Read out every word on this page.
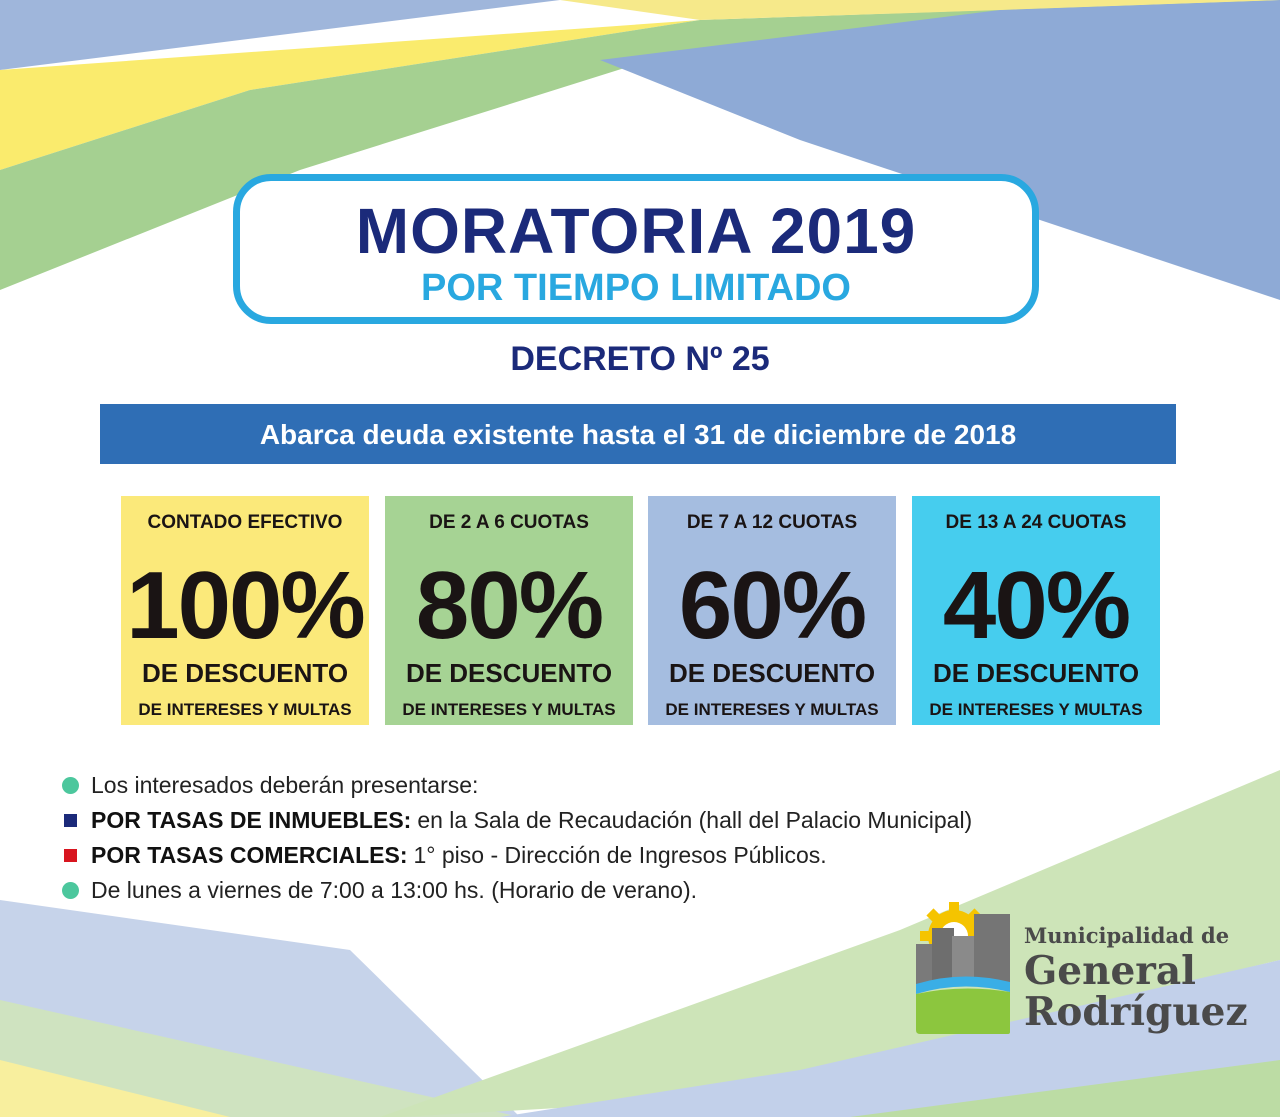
MORATORIA 2019
POR TIEMPO LIMITADO
DECRETO Nº 25
Abarca deuda existente hasta el 31 de diciembre de 2018
CONTADO EFECTIVO
100%
DE DESCUENTO
DE INTERESES Y MULTAS
DE 2 A 6 CUOTAS
80%
DE DESCUENTO
DE INTERESES Y MULTAS
DE 7 A 12 CUOTAS
60%
DE DESCUENTO
DE INTERESES Y MULTAS
DE 13 A 24 CUOTAS
40%
DE DESCUENTO
DE INTERESES Y MULTAS
Los interesados deberán presentarse:
POR TASAS DE INMUEBLES: en la Sala de Recaudación (hall del Palacio Municipal)
POR TASAS COMERCIALES: 1° piso - Dirección de Ingresos Públicos.
De lunes a viernes de 7:00 a 13:00 hs. (Horario de verano).
Municipalidad de
General
Rodríguez
